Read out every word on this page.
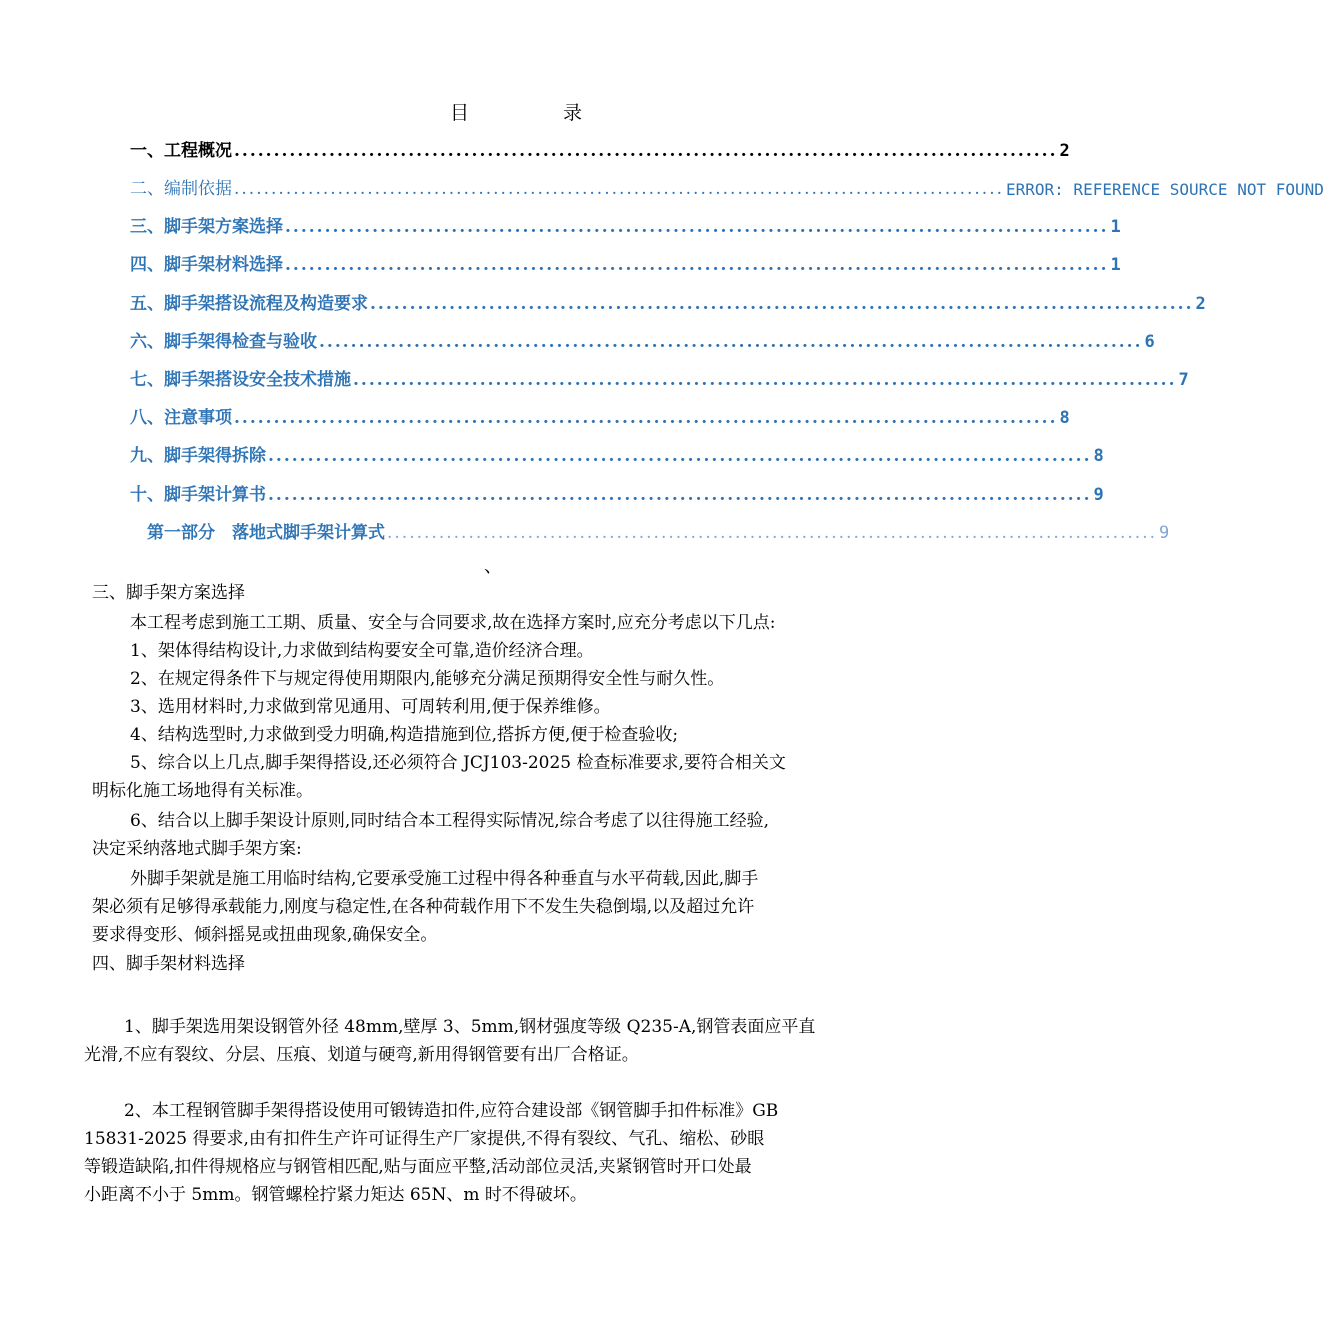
目 录
一、工程概况 ........................................................................................................ 2
二、编制依据 ........................................................................................................ ERROR: REFERENCE SOURCE NOT FOUND
三、脚手架方案选择 ........................................................................................................ 1
四、脚手架材料选择 ........................................................................................................ 1
五、脚手架搭设流程及构造要求 ........................................................................................................ 2
六、脚手架得检查与验收 ........................................................................................................ 6
七、脚手架搭设安全技术措施 ........................................................................................................ 7
八、注意事项 ........................................................................................................ 8
九、脚手架得拆除 ........................................................................................................ 8
十、脚手架计算书 ........................................................................................................ 9
第一部分　落地式脚手架计算式 ........................................................................................................ 9
、
三、脚手架方案选择
本工程考虑到施工工期、质量、安全与合同要求,故在选择方案时,应充分考虑以下几点:
1、架体得结构设计,力求做到结构要安全可靠,造价经济合理。
2、在规定得条件下与规定得使用期限内,能够充分满足预期得安全性与耐久性。
3、选用材料时,力求做到常见通用、可周转利用,便于保养维修。
4、结构选型时,力求做到受力明确,构造措施到位,搭拆方便,便于检查验收;
5、综合以上几点,脚手架得搭设,还必须符合 JCJ103-2025 检查标准要求,要符合相关文
明标化施工场地得有关标准。
6、结合以上脚手架设计原则,同时结合本工程得实际情况,综合考虑了以往得施工经验,
决定采纳落地式脚手架方案:
外脚手架就是施工用临时结构,它要承受施工过程中得各种垂直与水平荷载,因此,脚手
架必须有足够得承载能力,刚度与稳定性,在各种荷载作用下不发生失稳倒塌,以及超过允许
要求得变形、倾斜摇晃或扭曲现象,确保安全。
四、脚手架材料选择
1、脚手架选用架设钢管外径 48mm,壁厚 3、5mm,钢材强度等级 Q235-A,钢管表面应平直
光滑,不应有裂纹、分层、压痕、划道与硬弯,新用得钢管要有出厂合格证。
2、本工程钢管脚手架得搭设使用可锻铸造扣件,应符合建设部《钢管脚手扣件标准》GB
15831-2025 得要求,由有扣件生产许可证得生产厂家提供,不得有裂纹、气孔、缩松、砂眼
等锻造缺陷,扣件得规格应与钢管相匹配,贴与面应平整,活动部位灵活,夹紧钢管时开口处最
小距离不小于 5mm。钢管螺栓拧紧力矩达 65N、m 时不得破坏。
